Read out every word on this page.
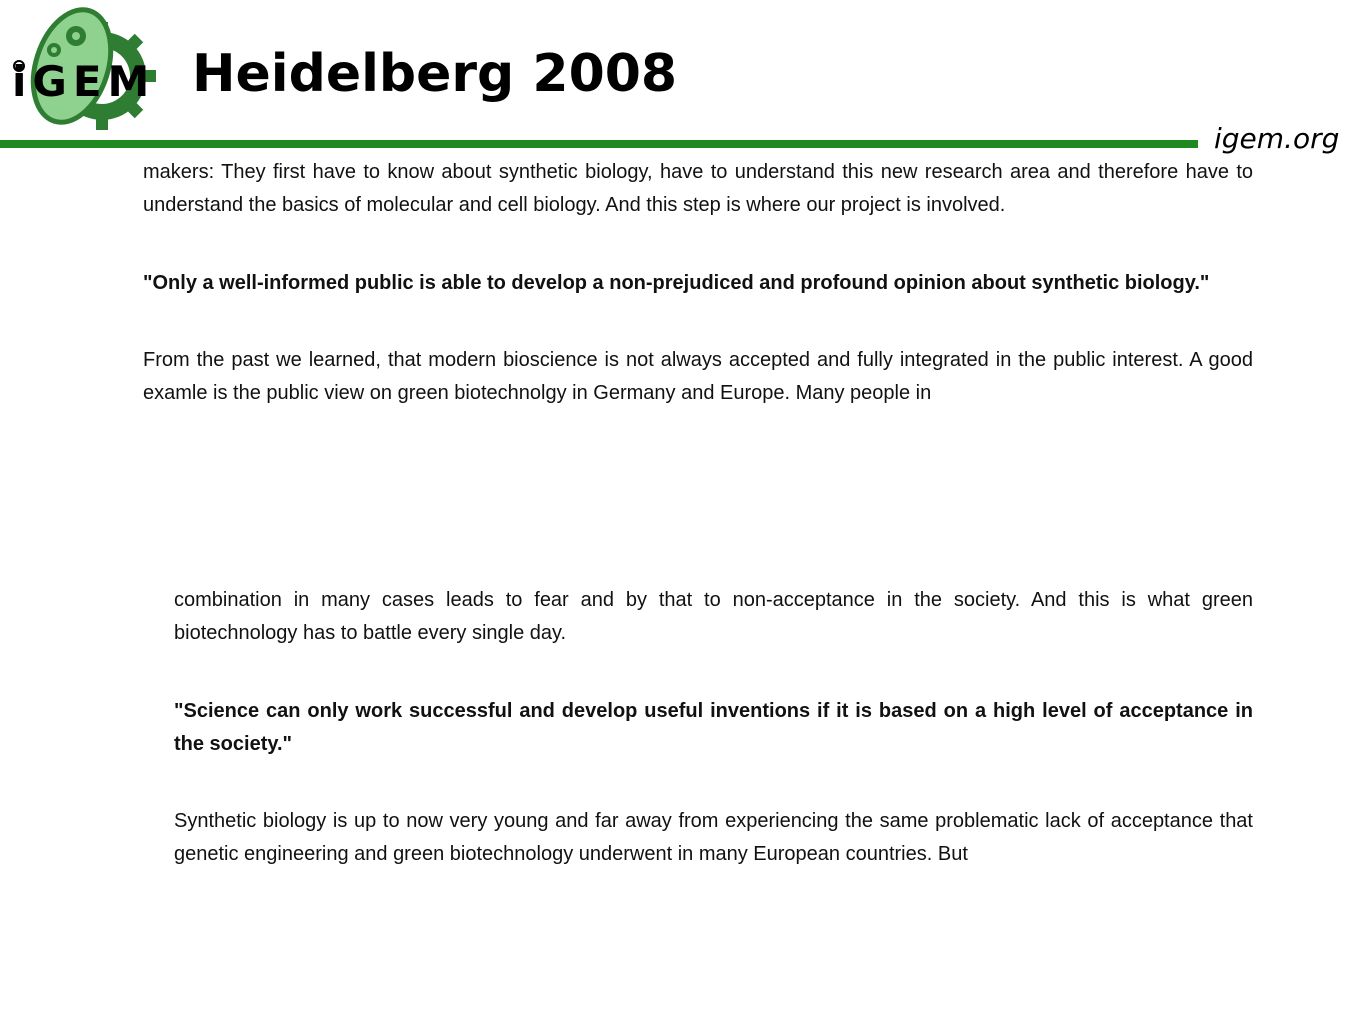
iGEM Heidelberg 2008
igem.org

makers: They first have to know about synthetic biology, have to understand this new research area and therefore have to understand the basics of molecular and cell biology. And this step is where our project is involved.

"Only a well-informed public is able to develop a non-prejudiced and profound opinion about synthetic biology."

From the past we learned, that modern bioscience is not always accepted and fully integrated in the public interest. A good examle is the public view on green biotechnolgy in Germany and Europe. Many people in

combination in many cases leads to fear and by that to non-acceptance in the society. And this is what green biotechnology has to battle every single day.

"Science can only work successful and develop useful inventions if it is based on a high level of acceptance in the society."

Synthetic biology is up to now very young and far away from experiencing the same problematic lack of acceptance that genetic engineering and green biotechnology underwent in many European countries. But
